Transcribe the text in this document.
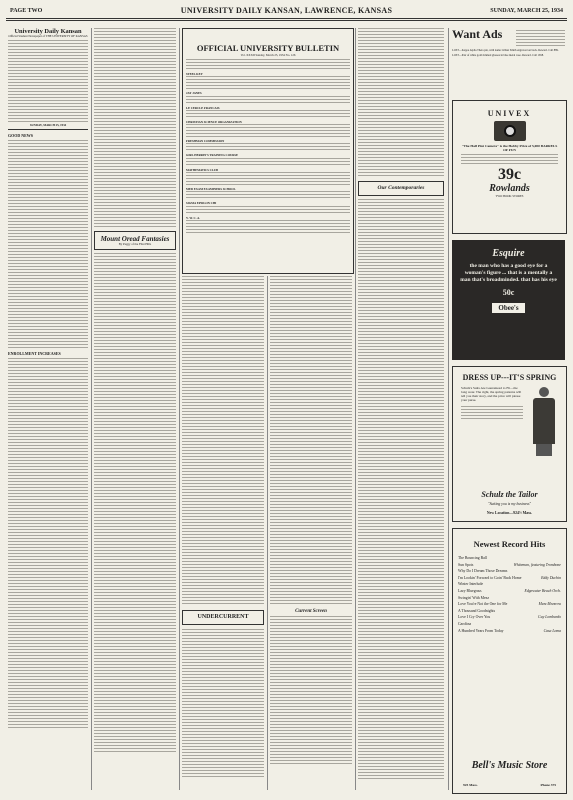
PAGE TWO	UNIVERSITY DAILY KANSAN, LAWRENCE, KANSAS	SUNDAY, MARCH 25, 1934
University Daily Kansan
Official Student Newspaper of THE UNIVERSITY OF KANSAS
SUNDAY, MARCH 25, 1934
GOOD NEWS
ENROLLMENT INCREASES
Mount Oread Fantasies
By Peggy of the Flint Hills
OFFICIAL UNIVERSITY BULLETIN
Vol. XXXII Sunday, March 25, 1934 No. 126
STEEL KEY
JAY JANES
LE CERCLE FRANCAIS
CHRISTIAN SCIENCE ORGANIZATION
FRESHMAN COMMISSION
GIRL HERRIN'S TRAINING COURSE
MATHEMATICS CLUB
MED EXAM EXAMINERS SCHOOL
SIGMA EPSILON CHI
Y. W. C. A.
UNDERCURRENT
Current Screen
Our Contemporaries
Want Ads
LOST—Kappa Alpha Theta pin, with name Lillian Smith engraved on back. Reward. Call 889.
LOST—Pair of white gold rimmed glasses in blue metal case. Reward. Call 1658.
UNIVEX
"The Half Pint Camera" is the Hobby Prize of 5,000 BARRELS OF FUN
39c
Rowlands
TWO BOOK STORES
Esquire
the man who has a good eye for a woman's figure ... that is a mentally a man that's broadminded. that has his eye
50c
Obee's
DRESS UP---IT'S SPRING
Schulz's Suits Are Guaranteed to Fit—the long wear. The right, the spring patterns will tell you their story, and the price will please your purse.
Schulz the Tailor
"Suiting you is my business"
New Location—924½ Mass.
Newest Record Hits
The Bouncing Ball
Sun Spots	Whiteman, featuring Trombone
Why Do I Dream Those Dreams
I'm Lookin' Forward to Goin' Back Home	Eddy Duchin
Winter Interlude
Lazy Bluegrass	Edgewater Beach Orch.
Swingin' With Mezz
Love You're Not the One for Me	Mezz Mezzrow
A Thousand Goodnights
Love I Cry Over You	Guy Lombardo
Carolina
A Hundred Years From Today	Casa Loma
Bell's Music Store
925 Mass.	Phone 375
